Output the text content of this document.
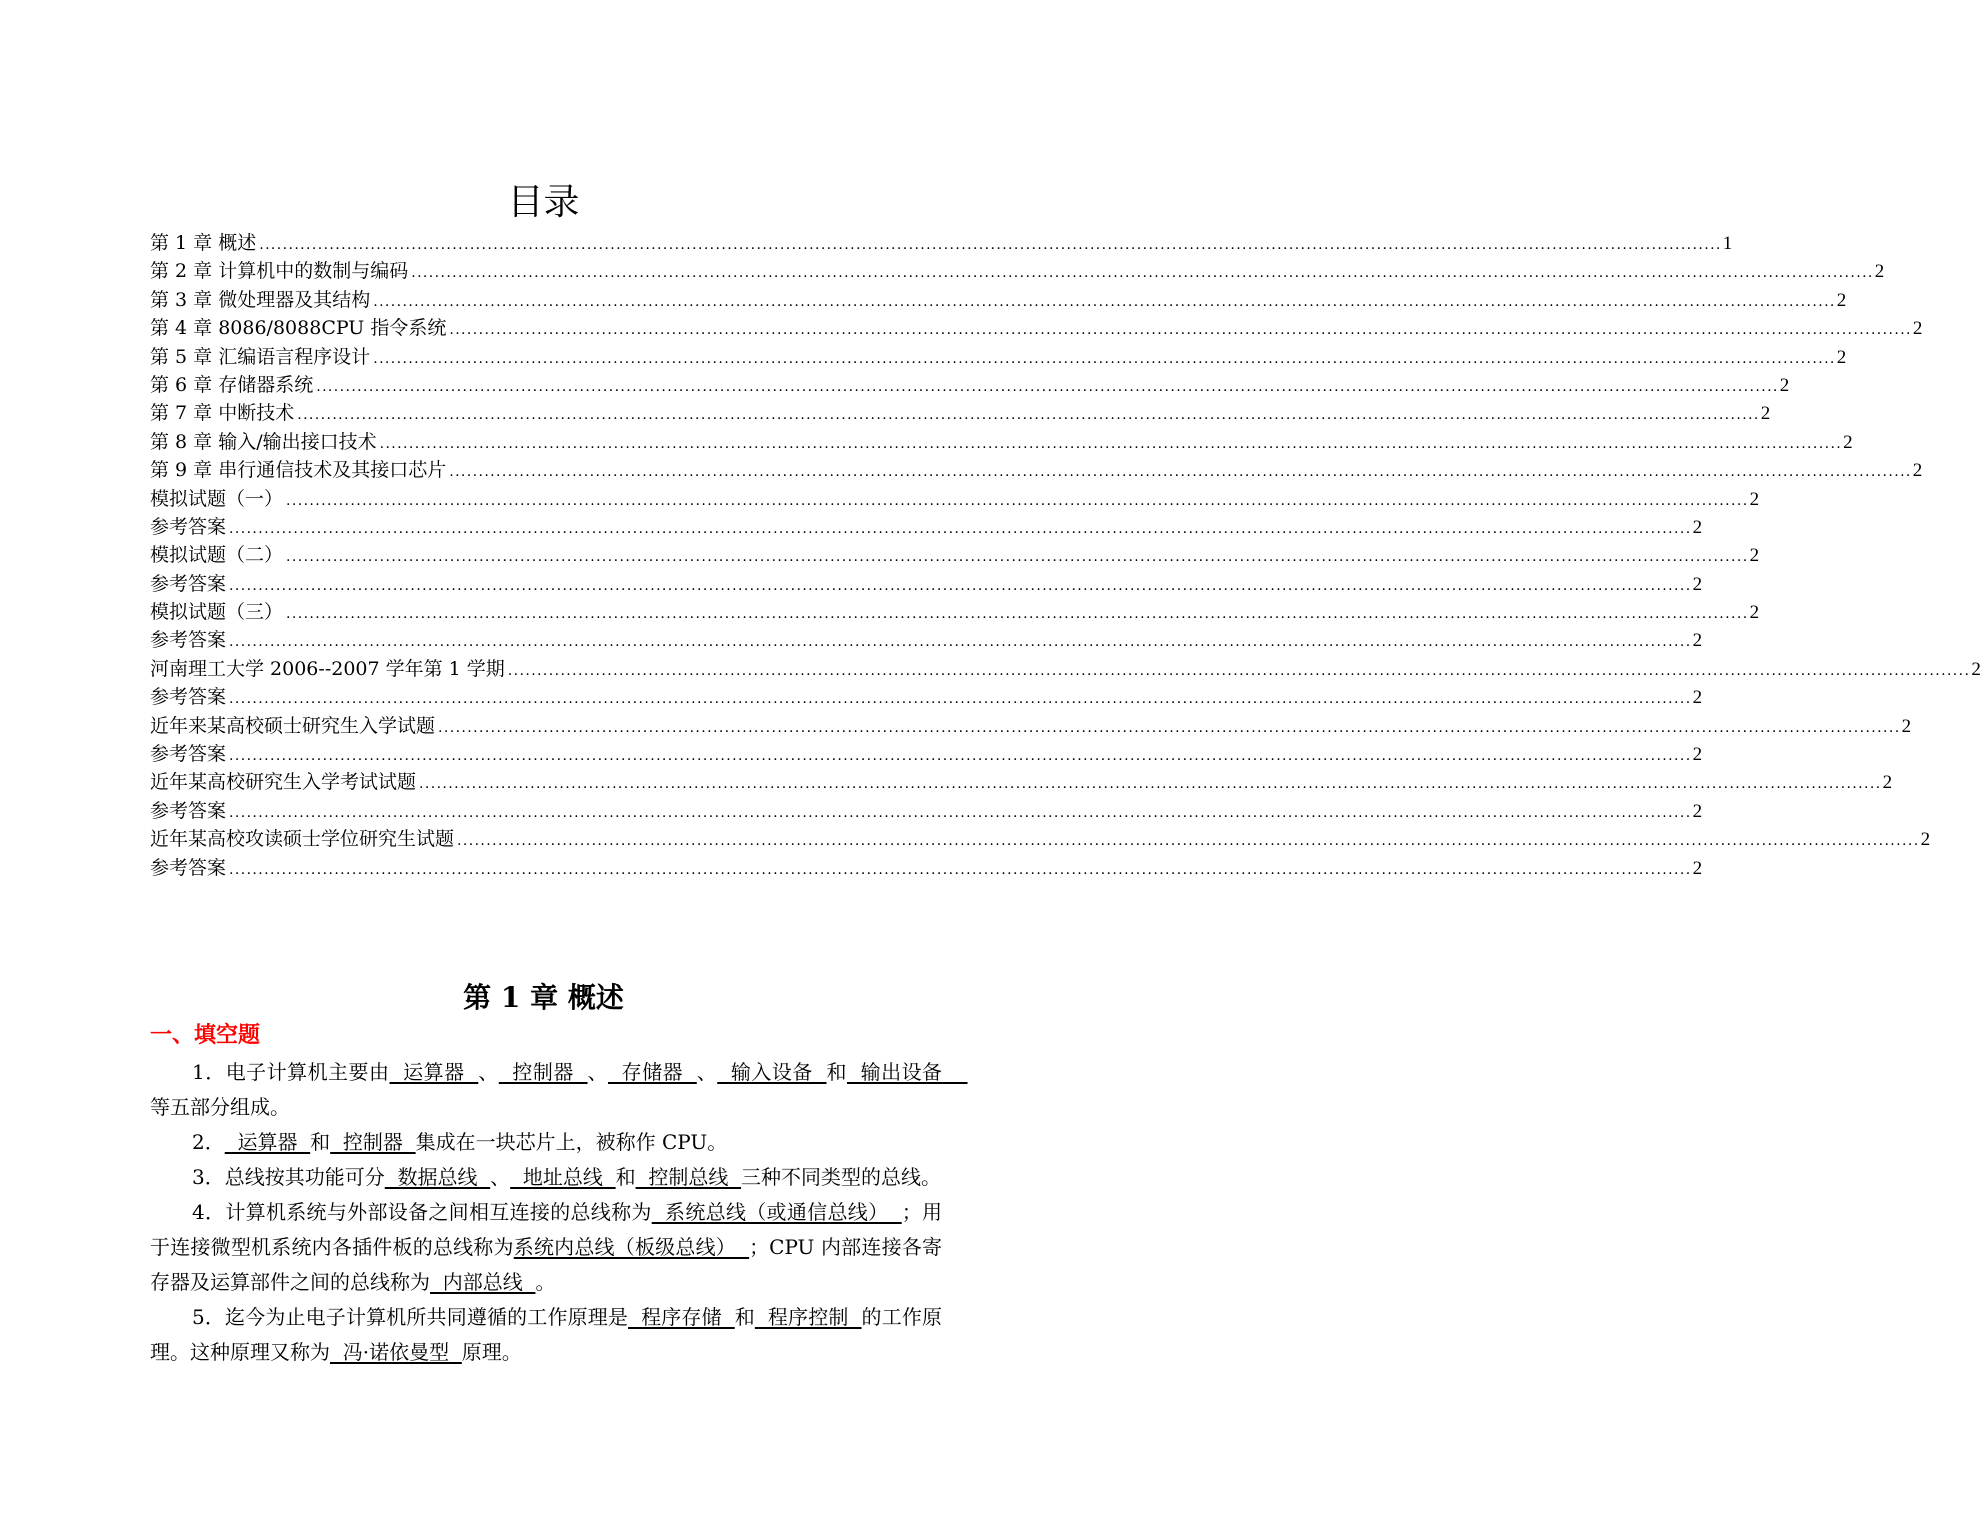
目录
第 1 章 概述 .......................................................................................................................................................................................................................................................... 1
第 2 章 计算机中的数制与编码 .......................................................................................................................................................................................................................................................... 2
第 3 章 微处理器及其结构 .......................................................................................................................................................................................................................................................... 2
第 4 章 8086/8088CPU 指令系统 .......................................................................................................................................................................................................................................................... 2
第 5 章 汇编语言程序设计 .......................................................................................................................................................................................................................................................... 2
第 6 章 存储器系统 .......................................................................................................................................................................................................................................................... 2
第 7 章 中断技术 .......................................................................................................................................................................................................................................................... 2
第 8 章 输入/输出接口技术 .......................................................................................................................................................................................................................................................... 2
第 9 章 串行通信技术及其接口芯片 .......................................................................................................................................................................................................................................................... 2
模拟试题（一） .......................................................................................................................................................................................................................................................... 2
参考答案 .......................................................................................................................................................................................................................................................... 2
模拟试题（二） .......................................................................................................................................................................................................................................................... 2
参考答案 .......................................................................................................................................................................................................................................................... 2
模拟试题（三） .......................................................................................................................................................................................................................................................... 2
参考答案 .......................................................................................................................................................................................................................................................... 2
河南理工大学 2006--2007 学年第 1 学期 .......................................................................................................................................................................................................................................................... 2
参考答案 .......................................................................................................................................................................................................................................................... 2
近年来某高校硕士研究生入学试题 .......................................................................................................................................................................................................................................................... 2
参考答案 .......................................................................................................................................................................................................................................................... 2
近年某高校研究生入学考试试题 .......................................................................................................................................................................................................................................................... 2
参考答案 .......................................................................................................................................................................................................................................................... 2
近年某高校攻读硕士学位研究生试题 .......................................................................................................................................................................................................................................................... 2
参考答案 .......................................................................................................................................................................................................................................................... 2
第 1 章 概述
一、填空题

1．电子计算机主要由  运算器  、  控制器  、  存储器  、  输入设备  和  输出设备    等五部分组成。

2．  运算器  和  控制器  集成在一块芯片上，被称作 CPU。

3．总线按其功能可分  数据总线  、  地址总线  和  控制总线  三种不同类型的总线。

4．计算机系统与外部设备之间相互连接的总线称为  系统总线（或通信总线）  ；用于连接微型机系统内各插件板的总线称为系统内总线（板级总线）  ；CPU 内部连接各寄存器及运算部件之间的总线称为  内部总线  。

5．迄今为止电子计算机所共同遵循的工作原理是  程序存储  和  程序控制  的工作原理。这种原理又称为  冯·诺依曼型  原理。
